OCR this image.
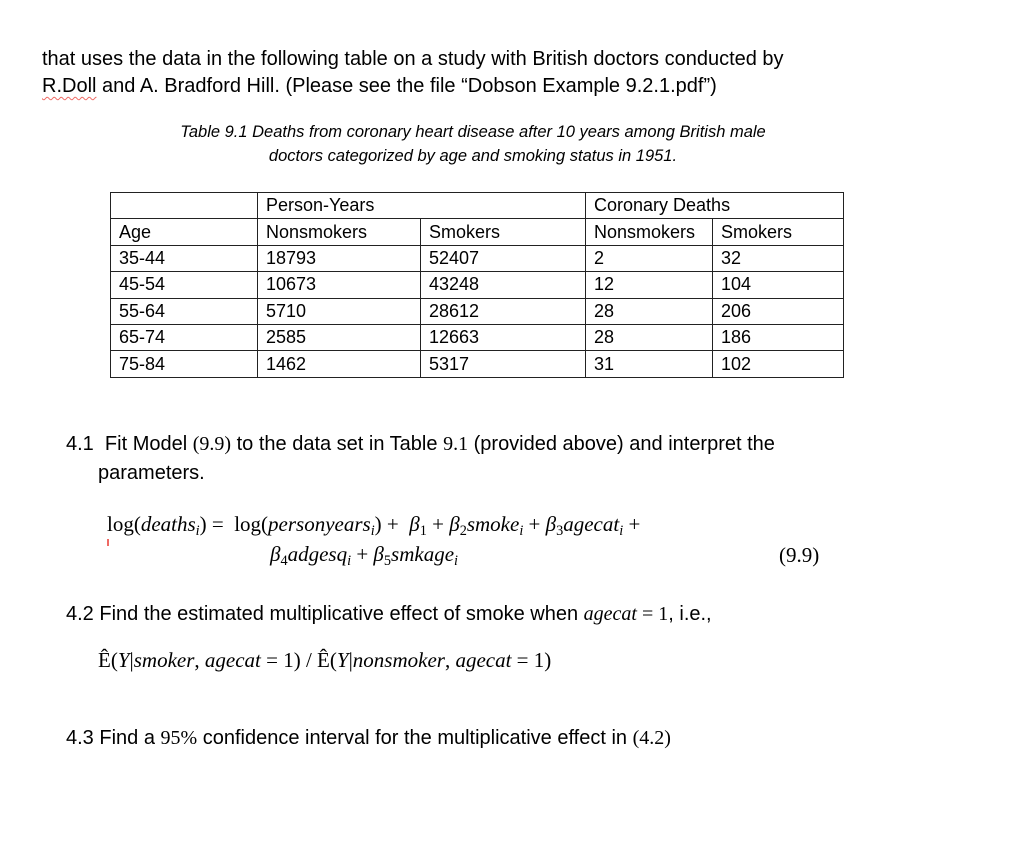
that uses the data in the following table on a study with British doctors conducted by
R.Doll and A. Bradford Hill. (Please see the file “Dobson Example 9.2.1.pdf”)
Table 9.1 Deaths from coronary heart disease after 10 years among British male
doctors categorized by age and smoking status in 1951.
	Person-Years		Coronary Deaths	
Age	Nonsmokers	Smokers	Nonsmokers	Smokers
35-44	18793	52407	2	32
45-54	10673	43248	12	104
55-64	5710	28612	28	206
65-74	2585	12663	28	186
75-84	1462	5317	31	102
4.1  Fit Model (9.9) to the data set in Table 9.1 (provided above) and interpret the
parameters.
log(deathsi) =  log(personyearsi) +  β1 + β2smokei + β3agecati +
β4adgesqi + β5smkagei	(9.9)
4.2 Find the estimated multiplicative effect of smoke when agecat = 1, i.e.,
Ê(Y|smoker, agecat = 1) / Ê(Y|nonsmoker, agecat = 1)
4.3 Find a 95% confidence interval for the multiplicative effect in (4.2)
